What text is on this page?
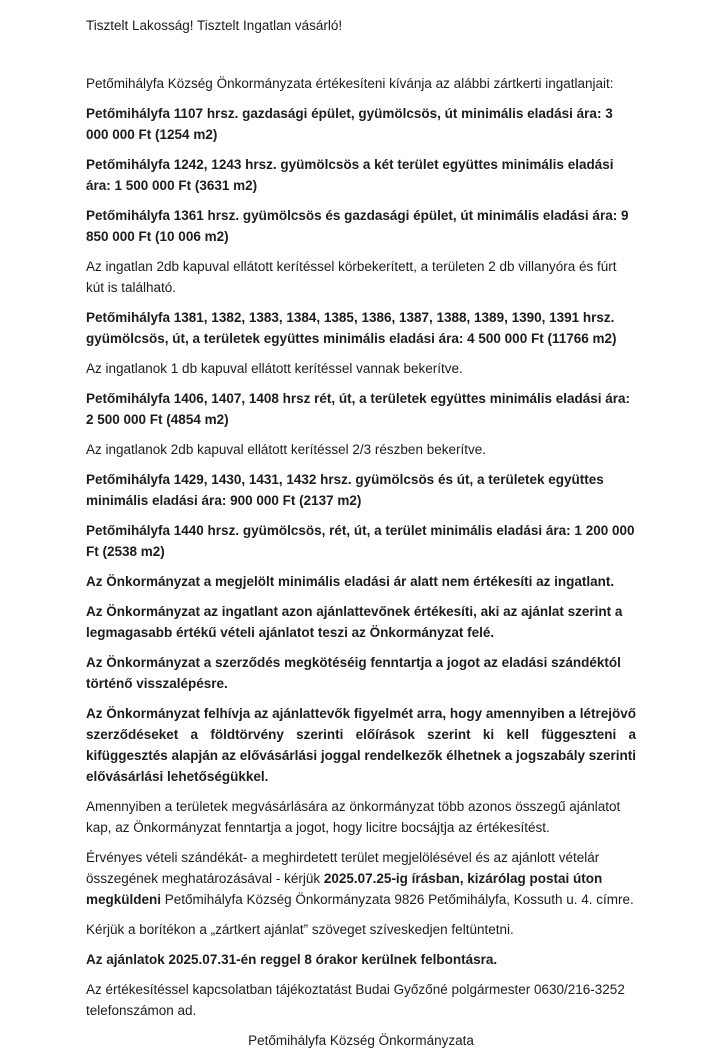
Tisztelt Lakosság! Tisztelt Ingatlan vásárló!

Petőmihályfa Község Önkormányzata értékesíteni kívánja az alábbi zártkerti ingatlanjait:

Petőmihályfa 1107 hrsz. gazdasági épület, gyümölcsös, út minimális eladási ára: 3 000 000 Ft (1254 m2)

Petőmihályfa 1242, 1243 hrsz. gyümölcsös a két terület együttes minimális eladási ára: 1 500 000 Ft (3631 m2)

Petőmihályfa 1361 hrsz. gyümölcsös és gazdasági épület, út minimális eladási ára: 9 850 000 Ft (10 006 m2)

Az ingatlan 2db kapuval ellátott kerítéssel körbekerített, a területen 2 db villanyóra és fúrt kút is található.

Petőmihályfa 1381, 1382, 1383, 1384, 1385, 1386, 1387, 1388, 1389, 1390, 1391 hrsz. gyümölcsös, út, a területek együttes minimális eladási ára: 4 500 000 Ft (11766 m2)

Az ingatlanok 1 db kapuval ellátott kerítéssel vannak bekerítve.

Petőmihályfa 1406, 1407, 1408 hrsz rét, út, a területek együttes minimális eladási ára: 2 500 000 Ft (4854 m2)

Az ingatlanok 2db kapuval ellátott kerítéssel 2/3 részben bekerítve.

Petőmihályfa 1429, 1430, 1431, 1432 hrsz. gyümölcsös és út, a területek együttes minimális eladási ára: 900 000 Ft (2137 m2)

Petőmihályfa 1440 hrsz. gyümölcsös, rét, út, a terület minimális eladási ára: 1 200 000 Ft (2538 m2)

Az Önkormányzat a megjelölt minimális eladási ár alatt nem értékesíti az ingatlant.

Az Önkormányzat az ingatlant azon ajánlattevőnek értékesíti, aki az ajánlat szerint a legmagasabb értékű vételi ajánlatot teszi az Önkormányzat felé.

Az Önkormányzat a szerződés megkötéséig fenntartja a jogot az eladási szándéktól történő visszalépésre.

Az Önkormányzat felhívja az ajánlattevők figyelmét arra, hogy amennyiben a létrejövő szerződéseket a földtörvény szerinti előírások szerint ki kell függeszteni a kifüggesztés alapján az elővásárlási joggal rendelkezők élhetnek a jogszabály szerinti elővásárlási lehetőségükkel.

Amennyiben a területek megvásárlására az önkormányzat több azonos összegű ajánlatot kap, az Önkormányzat fenntartja a jogot, hogy licitre bocsájtja az értékesítést.

Érvényes vételi szándékát- a meghirdetett terület megjelölésével és az ajánlott vételár összegének meghatározásával - kérjük 2025.07.25-ig írásban, kizárólag postai úton megküldeni Petőmihályfa Község Önkormányzata 9826 Petőmihályfa, Kossuth u. 4. címre.

Kérjük a borítékon a „zártkert ajánlat” szöveget szíveskedjen feltüntetni.

Az ajánlatok 2025.07.31-én reggel 8 órakor kerülnek felbontásra.

Az értékesítéssel kapcsolatban tájékoztatást Budai Győzőné polgármester 0630/216-3252 telefonszámon ad.

Petőmihályfa Község Önkormányzata
